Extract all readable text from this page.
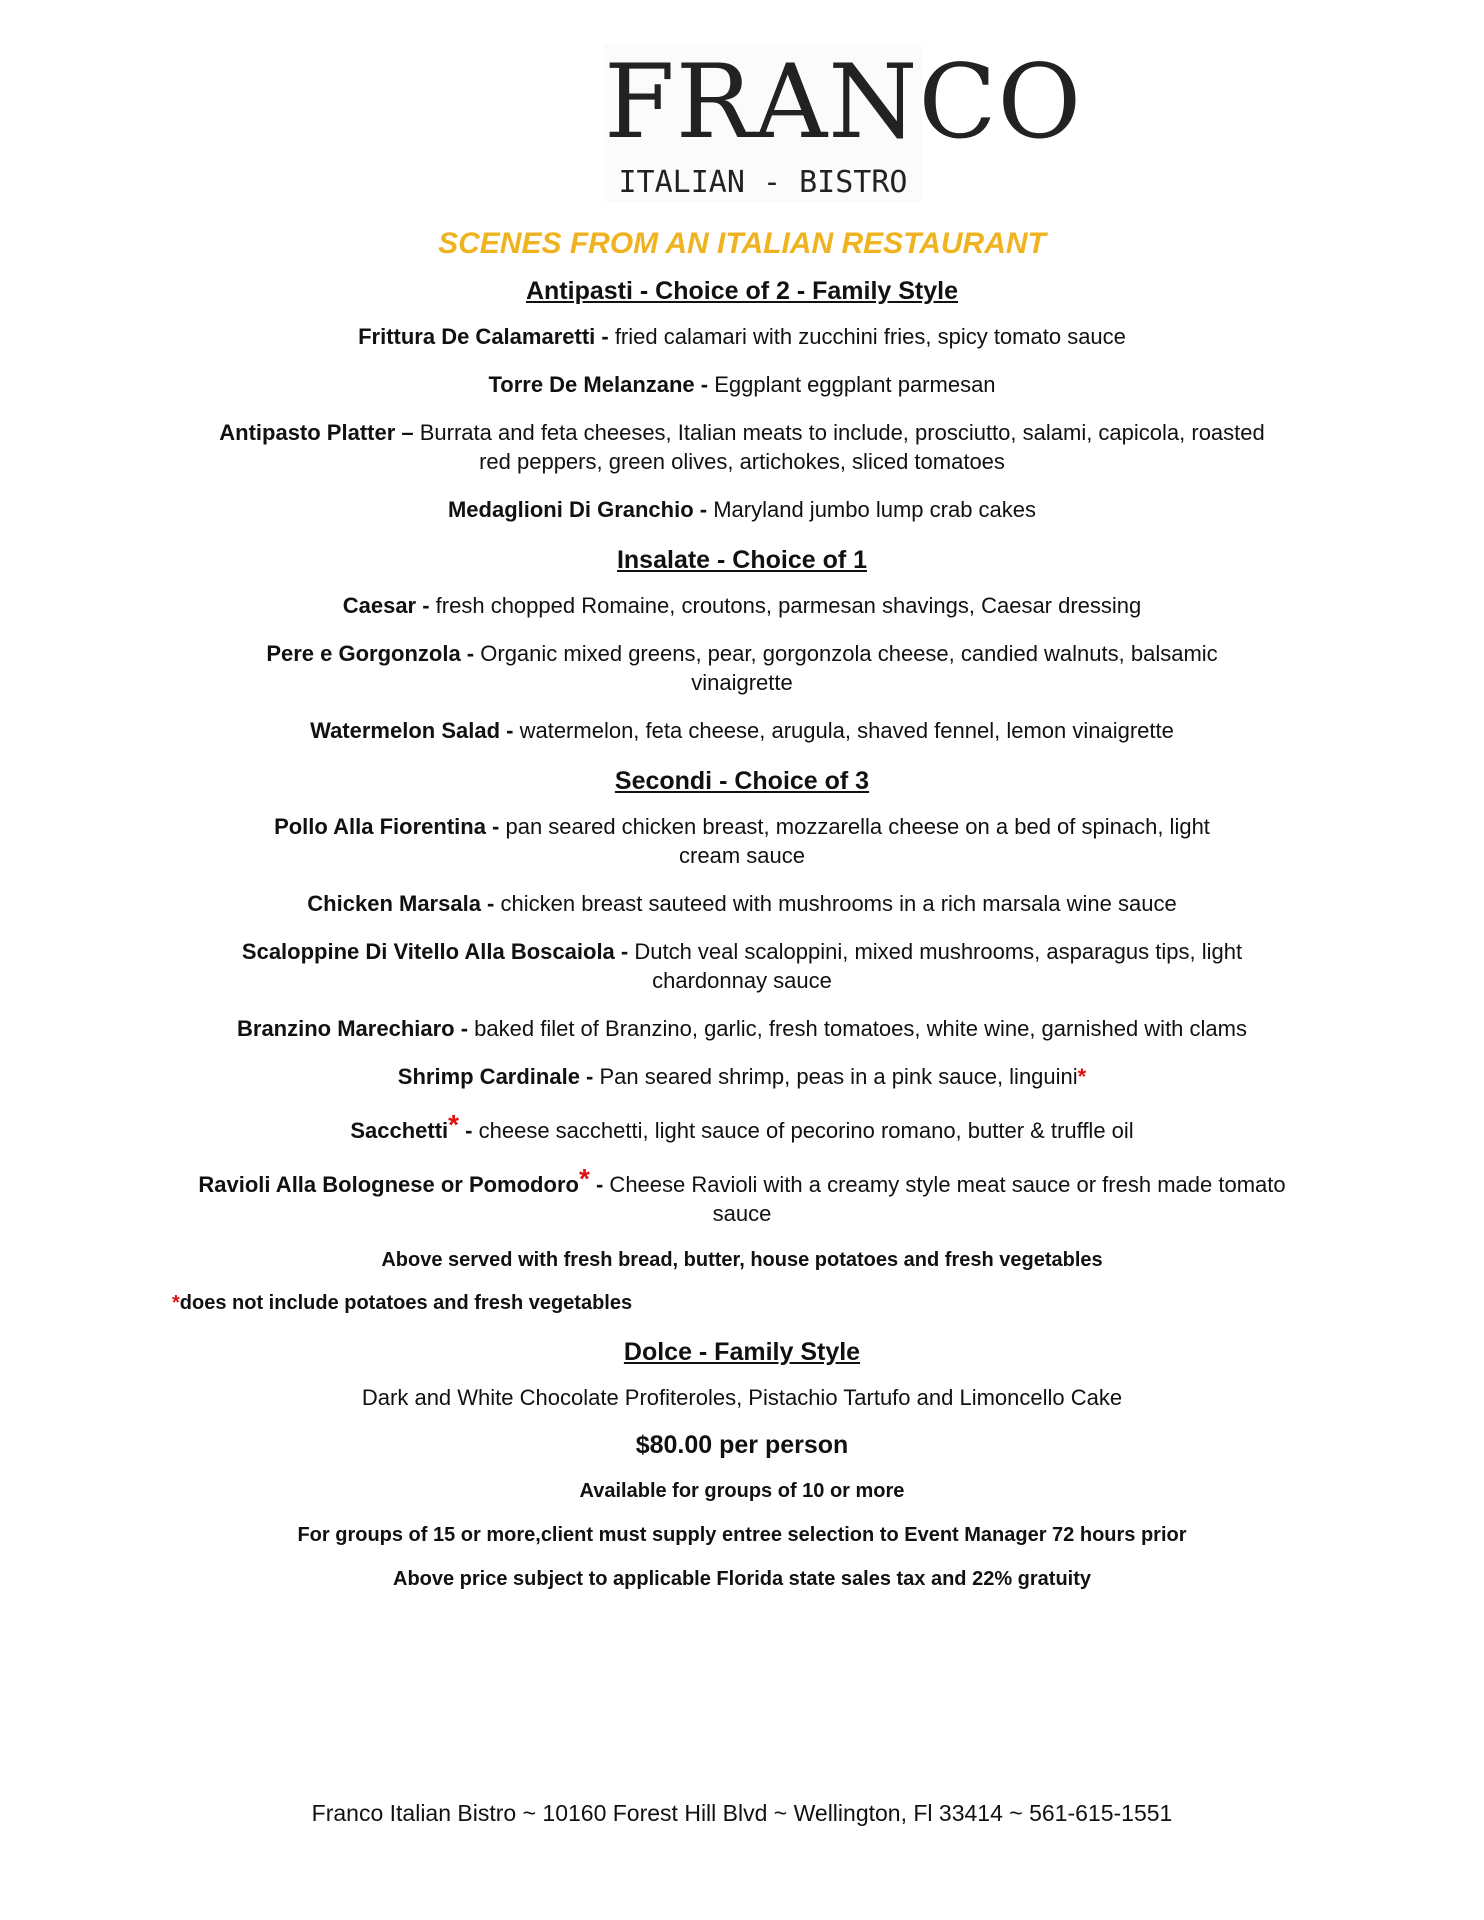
FRANCO
ITALIAN - BISTRO
SCENES FROM AN ITALIAN RESTAURANT
Antipasti - Choice of 2 - Family Style
Frittura De Calamaretti - fried calamari with zucchini fries, spicy tomato sauce
Torre De Melanzane - Eggplant eggplant parmesan
Antipasto Platter – Burrata and feta cheeses, Italian meats to include, prosciutto, salami, capicola, roasted red peppers, green olives, artichokes, sliced tomatoes
Medaglioni Di Granchio - Maryland jumbo lump crab cakes
Insalate - Choice of 1
Caesar - fresh chopped Romaine, croutons, parmesan shavings, Caesar dressing
Pere e Gorgonzola - Organic mixed greens, pear, gorgonzola cheese, candied walnuts, balsamic vinaigrette
Watermelon Salad - watermelon, feta cheese, arugula, shaved fennel, lemon vinaigrette
Secondi - Choice of 3
Pollo Alla Fiorentina - pan seared chicken breast, mozzarella cheese on a bed of spinach, light cream sauce
Chicken Marsala - chicken breast sauteed with mushrooms in a rich marsala wine sauce
Scaloppine Di Vitello Alla Boscaiola - Dutch veal scaloppini, mixed mushrooms, asparagus tips, light chardonnay sauce
Branzino Marechiaro - baked filet of Branzino, garlic, fresh tomatoes, white wine, garnished with clams
Shrimp Cardinale - Pan seared shrimp, peas in a pink sauce, linguini*
Sacchetti* - cheese sacchetti, light sauce of pecorino romano, butter & truffle oil
Ravioli Alla Bolognese or Pomodoro* - Cheese Ravioli with a creamy style meat sauce or fresh made tomato sauce
Above served with fresh bread, butter, house potatoes and fresh vegetables
*does not include potatoes and fresh vegetables
Dolce - Family Style
Dark and White Chocolate Profiteroles, Pistachio Tartufo and Limoncello Cake
$80.00 per person
Available for groups of 10 or more
For groups of 15 or more,client must supply entree selection to Event Manager 72 hours prior
Above price subject to applicable Florida state sales tax and 22% gratuity
Franco Italian Bistro ~ 10160 Forest Hill Blvd ~ Wellington, Fl 33414 ~ 561-615-1551
